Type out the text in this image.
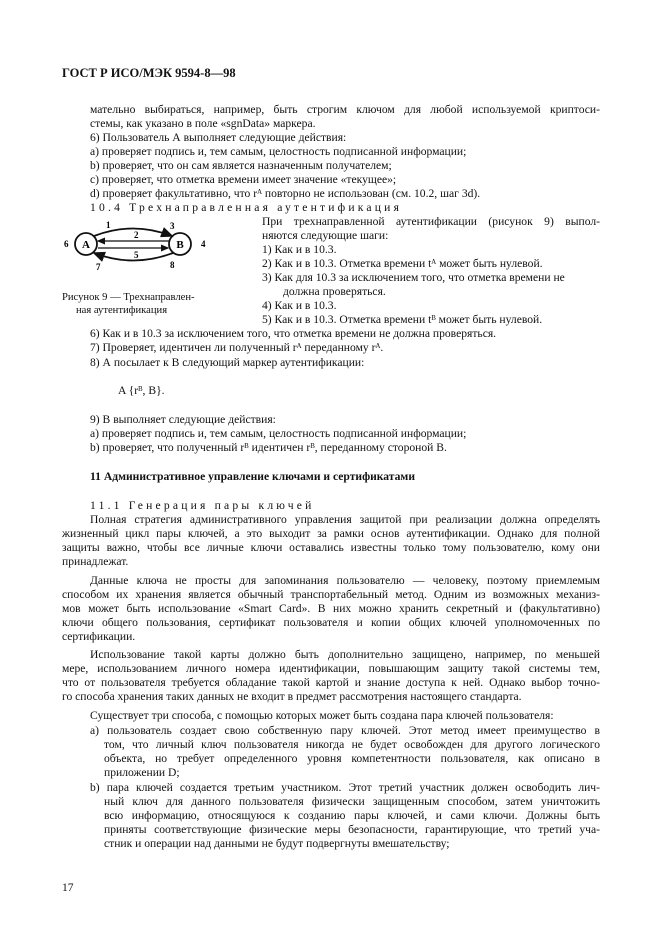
ГОСТ Р ИСО/МЭК 9594-8—98
мательно выбираться, например, быть строгим ключом для любой используемой криптоси-
стемы, как указано в поле «sgnData» маркера.
6) Пользователь А выполняет следующие действия:
a) проверяет подпись и, тем самым, целостность подписанной информации;
b) проверяет, что он сам является назначенным получателем;
c) проверяет, что отметка времени имеет значение «текущее»;
d) проверяет факультативно, что rᴬ повторно не использован (см. 10.2, шаг 3d).
10.4 Трехнаправленная аутентификация
A	B
1
2
3
4
5
6
7	8
Рисунок 9 — Трехнаправлен-
ная аутентификация
При трехнаправленной аутентификации (рисунок 9) выпол-
няются следующие шаги:
1) Как и в 10.3.
2) Как и в 10.3. Отметка времени tᴬ может быть нулевой.
3) Как для 10.3 за исключением того, что отметка времени не
должна проверяться.
4) Как и в 10.3.
5) Как и в 10.3. Отметка времени tᴮ может быть нулевой.
6) Как и в 10.3 за исключением того, что отметка времени не должна проверяться.
7) Проверяет, идентичен ли полученный rᴬ переданному rᴬ.
8) А посылает к В следующий маркер аутентификации:
A {rᴮ, B}.
9) В выполняет следующие действия:
a) проверяет подпись и, тем самым, целостность подписанной информации;
b) проверяет, что полученный rᴮ идентичен rᴮ, переданному стороной В.
11 Административное управление ключами и сертификатами
11.1 Генерация пары ключей
Полная стратегия административного управления защитой при реализации должна определять
жизненный цикл пары ключей, а это выходит за рамки основ аутентификации. Однако для полной
защиты важно, чтобы все личные ключи оставались известны только тому пользователю, кому они
принадлежат.
Данные ключа не просты для запоминания пользователю — человеку, поэтому приемлемым
способом их хранения является обычный транспортабельный метод. Одним из возможных механиз-
мов может быть использование «Smart Card». В них можно хранить секретный и (факультативно)
ключи общего пользования, сертификат пользователя и копии общих ключей уполномоченных по
сертификации.
Использование такой карты должно быть дополнительно защищено, например, по меньшей
мере, использованием личного номера идентификации, повышающим защиту такой системы тем,
что от пользователя требуется обладание такой картой и знание доступа к ней. Однако выбор точно-
го способа хранения таких данных не входит в предмет рассмотрения настоящего стандарта.
Существует три способа, с помощью которых может быть создана пара ключей пользователя:
a) пользователь создает свою собственную пару ключей. Этот метод имеет преимущество в
том, что личный ключ пользователя никогда не будет освобожден для другого логического
объекта, но требует определенного уровня компетентности пользователя, как описано в
приложении D;
b) пара ключей создается третьим участником. Этот третий участник должен освободить лич-
ный ключ для данного пользователя физически защищенным способом, затем уничтожить
всю информацию, относящуюся к созданию пары ключей, и сами ключи. Должны быть
приняты соответствующие физические меры безопасности, гарантирующие, что третий уча-
стник и операции над данными не будут подвергнуты вмешательству;
17
